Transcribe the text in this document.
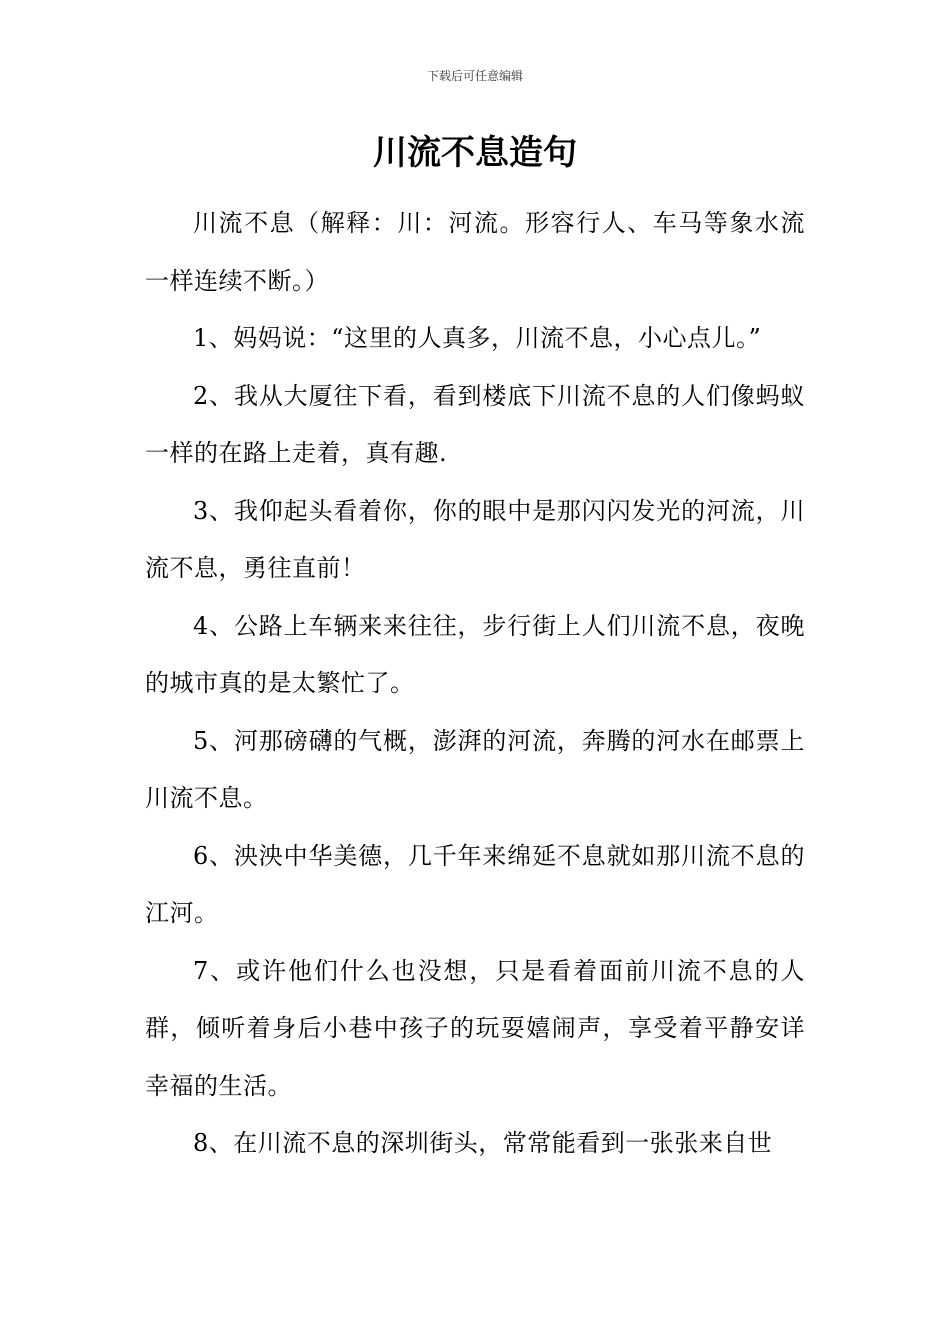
下载后可任意编辑
川流不息造句

川流不息（解释：川：河流。形容行人、车马等象水流一样连续不断。）

1、妈妈说：“这里的人真多，川流不息，小心点儿。”

2、我从大厦往下看，看到楼底下川流不息的人们像蚂蚁一样的在路上走着，真有趣.

3、我仰起头看着你，你的眼中是那闪闪发光的河流，川流不息，勇往直前！

4、公路上车辆来来往往，步行街上人们川流不息，夜晚的城市真的是太繁忙了。

5、河那磅礴的气概，澎湃的河流，奔腾的河水在邮票上川流不息。

6、泱泱中华美德，几千年来绵延不息就如那川流不息的江河。

7、或许他们什么也没想，只是看着面前川流不息的人群，倾听着身后小巷中孩子的玩耍嬉闹声，享受着平静安详幸福的生活。

8、在川流不息的深圳街头，常常能看到一张张来自世
